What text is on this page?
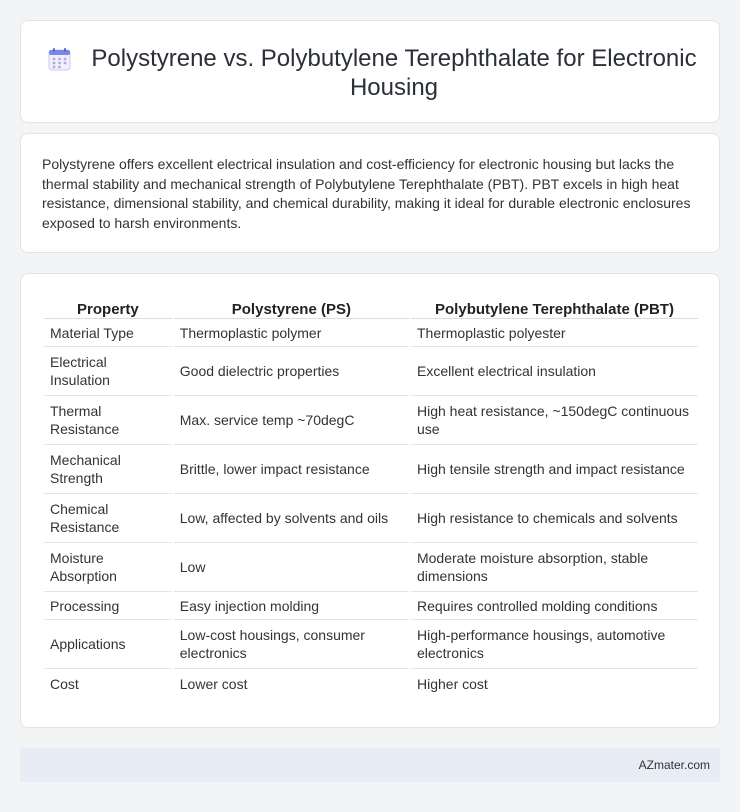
Polystyrene vs. Polybutylene Terephthalate for Electronic Housing

Polystyrene offers excellent electrical insulation and cost-efficiency for electronic housing but lacks the thermal stability and mechanical strength of Polybutylene Terephthalate (PBT). PBT excels in high heat resistance, dimensional stability, and chemical durability, making it ideal for durable electronic enclosures exposed to harsh environments.

Property	Polystyrene (PS)	Polybutylene Terephthalate (PBT)
Material Type	Thermoplastic polymer	Thermoplastic polyester
Electrical Insulation	Good dielectric properties	Excellent electrical insulation
Thermal Resistance	Max. service temp ~70degC	High heat resistance, ~150degC continuous use
Mechanical Strength	Brittle, lower impact resistance	High tensile strength and impact resistance
Chemical Resistance	Low, affected by solvents and oils	High resistance to chemicals and solvents
Moisture Absorption	Low	Moderate moisture absorption, stable dimensions
Processing	Easy injection molding	Requires controlled molding conditions
Applications	Low-cost housings, consumer electronics	High-performance housings, automotive electronics
Cost	Lower cost	Higher cost
AZmater.com
